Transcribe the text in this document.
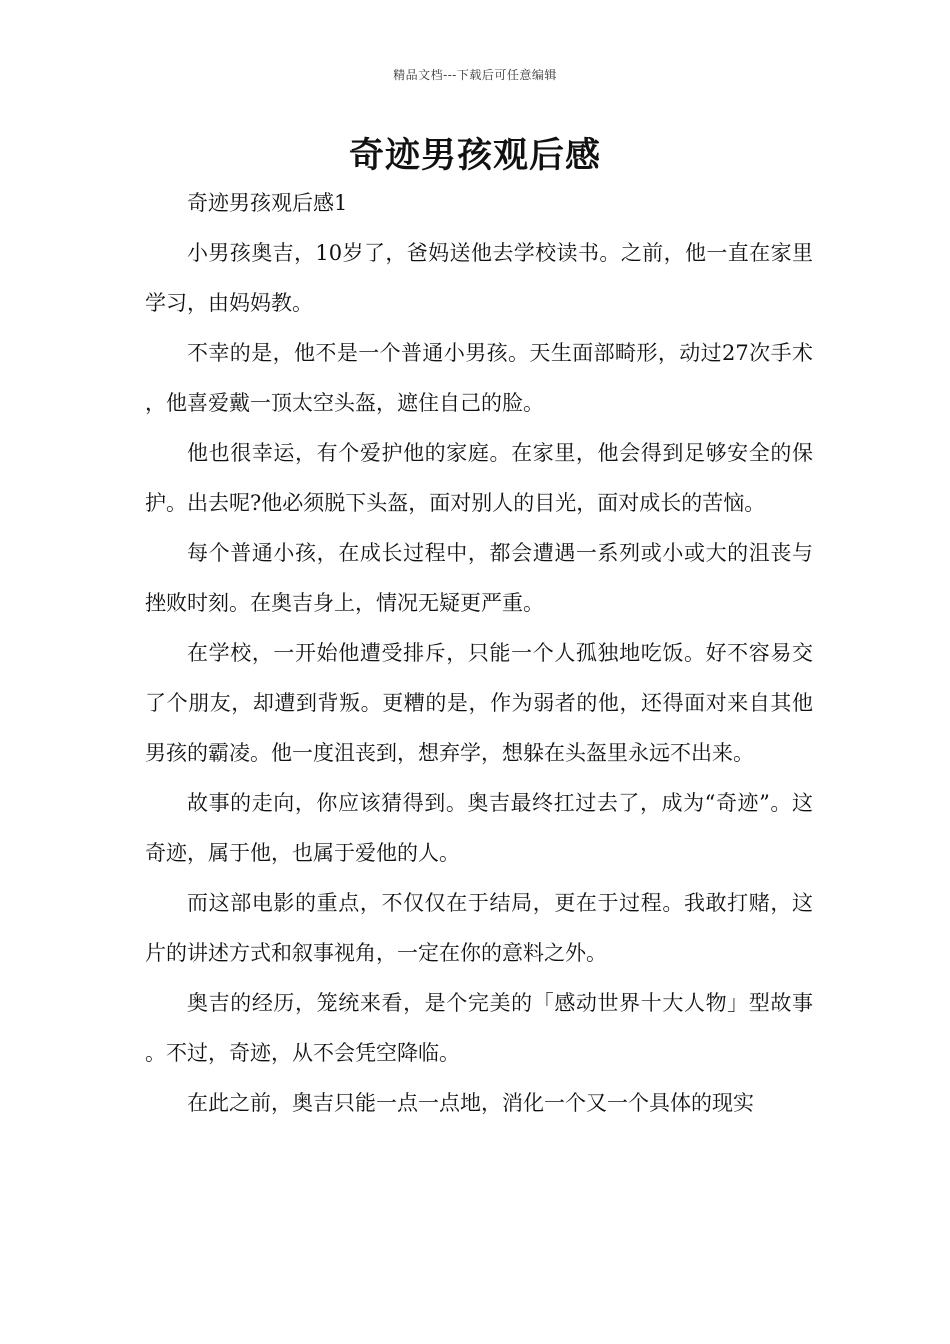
精品文档---下载后可任意编辑
奇迹男孩观后感

奇迹男孩观后感1

小男孩奥吉，10岁了，爸妈送他去学校读书。之前，他一直在家里学习，由妈妈教。

不幸的是，他不是一个普通小男孩。天生面部畸形，动过27次手术，他喜爱戴一顶太空头盔，遮住自己的脸。

他也很幸运，有个爱护他的家庭。在家里，他会得到足够安全的保护。出去呢?他必须脱下头盔，面对别人的目光，面对成长的苦恼。

每个普通小孩，在成长过程中，都会遭遇一系列或小或大的沮丧与挫败时刻。在奥吉身上，情况无疑更严重。

在学校，一开始他遭受排斥，只能一个人孤独地吃饭。好不容易交了个朋友，却遭到背叛。更糟的是，作为弱者的他，还得面对来自其他男孩的霸凌。他一度沮丧到，想弃学，想躲在头盔里永远不出来。

故事的走向，你应该猜得到。奥吉最终扛过去了，成为“奇迹”。这奇迹，属于他，也属于爱他的人。

而这部电影的重点，不仅仅在于结局，更在于过程。我敢打赌，这片的讲述方式和叙事视角，一定在你的意料之外。

奥吉的经历，笼统来看，是个完美的「感动世界十大人物」型故事。不过，奇迹，从不会凭空降临。

在此之前，奥吉只能一点一点地，消化一个又一个具体的现实
